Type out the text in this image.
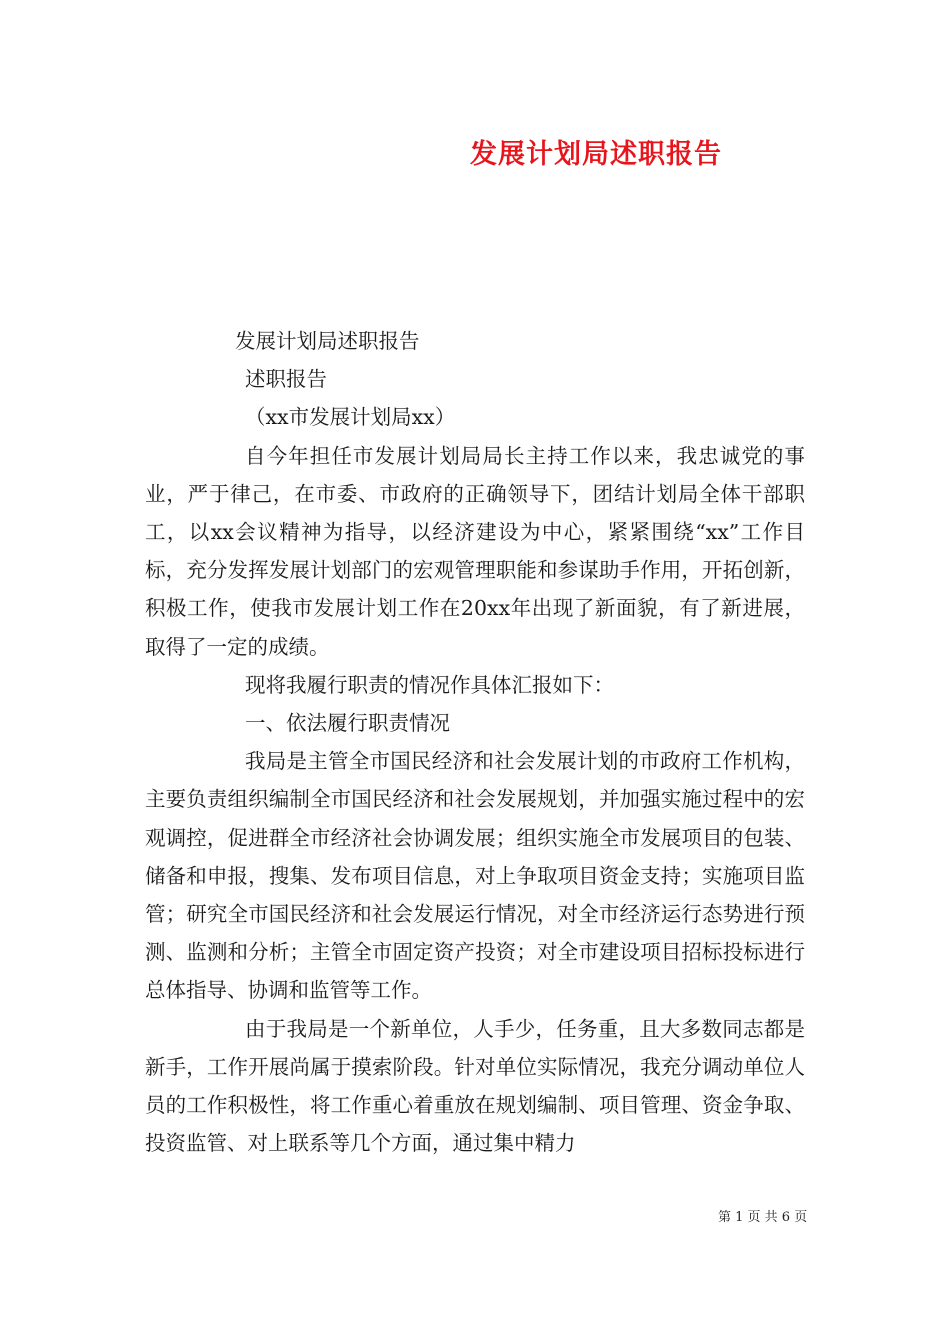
发展计划局述职报告

发展计划局述职报告

述职报告

（xx市发展计划局xx）

自今年担任市发展计划局局长主持工作以来，我忠诚党的事业，严于律己，在市委、市政府的正确领导下，团结计划局全体干部职工，以xx会议精神为指导，以经济建设为中心，紧紧围绕“xx”工作目标，充分发挥发展计划部门的宏观管理职能和参谋助手作用，开拓创新，积极工作，使我市发展计划工作在20xx年出现了新面貌，有了新进展，取得了一定的成绩。

现将我履行职责的情况作具体汇报如下：

一、依法履行职责情况

我局是主管全市国民经济和社会发展计划的市政府工作机构，主要负责组织编制全市国民经济和社会发展规划，并加强实施过程中的宏观调控，促进群全市经济社会协调发展；组织实施全市发展项目的包装、储备和申报，搜集、发布项目信息，对上争取项目资金支持；实施项目监管；研究全市国民经济和社会发展运行情况，对全市经济运行态势进行预测、监测和分析；主管全市固定资产投资；对全市建设项目招标投标进行总体指导、协调和监管等工作。

由于我局是一个新单位，人手少，任务重，且大多数同志都是新手，工作开展尚属于摸索阶段。针对单位实际情况，我充分调动单位人员的工作积极性，将工作重心着重放在规划编制、项目管理、资金争取、投资监管、对上联系等几个方面，通过集中精力

第 1 页 共 6 页
